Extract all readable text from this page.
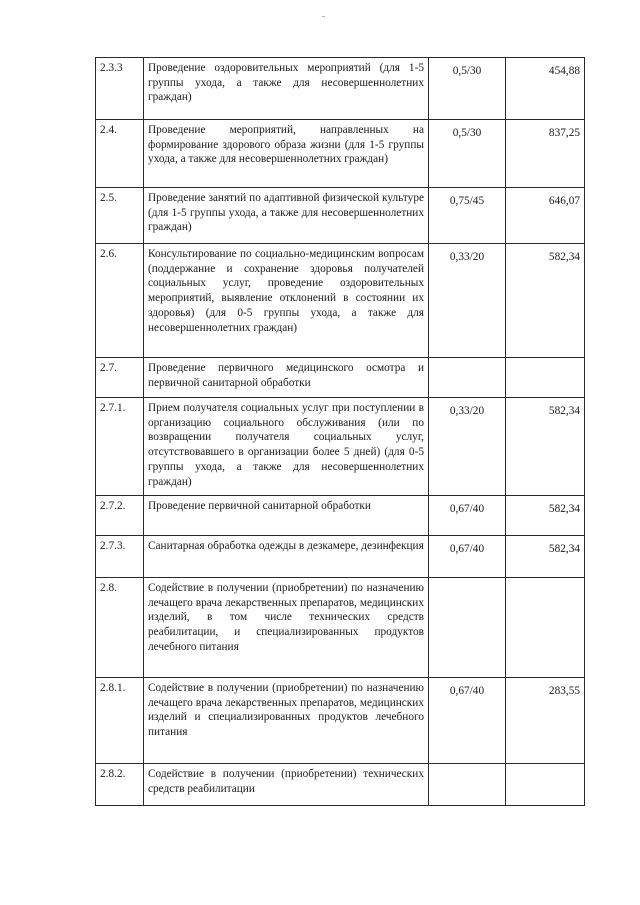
2.3.3	Проведение оздоровительных мероприятий (для 1-5 группы ухода, а также для несовершеннолетних граждан)	0,5/30	454,88
2.4.	Проведение мероприятий, направленных на формирование здорового образа жизни (для 1-5 группы ухода, а также для несовершеннолетних граждан)	0,5/30	837,25
2.5.	Проведение занятий по адаптивной физической культуре (для 1-5 группы ухода, а также для несовершеннолетних граждан)	0,75/45	646,07
2.6.	Консультирование по социально-медицинским вопросам (поддержание и сохранение здоровья получателей социальных услуг, проведение оздоровительных мероприятий, выявление отклонений в состоянии их здоровья) (для 0-5 группы ухода, а также для несовершеннолетних граждан)	0,33/20	582,34
2.7.	Проведение первичного медицинского осмотра и первичной санитарной обработки		
2.7.1.	Прием получателя социальных услуг при поступлении в организацию социального обслуживания (или по возвращении получателя социальных услуг, отсутствовавшего в организации более 5 дней) (для 0-5 группы ухода, а также для несовершеннолетних граждан)	0,33/20	582,34
2.7.2.	Проведение первичной санитарной обработки	0,67/40	582,34
2.7.3.	Санитарная обработка одежды в дезкамере, дезинфекция	0,67/40	582,34
2.8.	Содействие в получении (приобретении) по назначению лечащего врача лекарственных препаратов, медицинских изделий, в том числе технических средств реабилитации, и специализированных продуктов лечебного питания		
2.8.1.	Содействие в получении (приобретении) по назначению лечащего врача лекарственных препаратов, медицинских изделий и специализированных продуктов лечебного питания	0,67/40	283,55
2.8.2.	Содействие в получении (приобретении) технических средств реабилитации		
